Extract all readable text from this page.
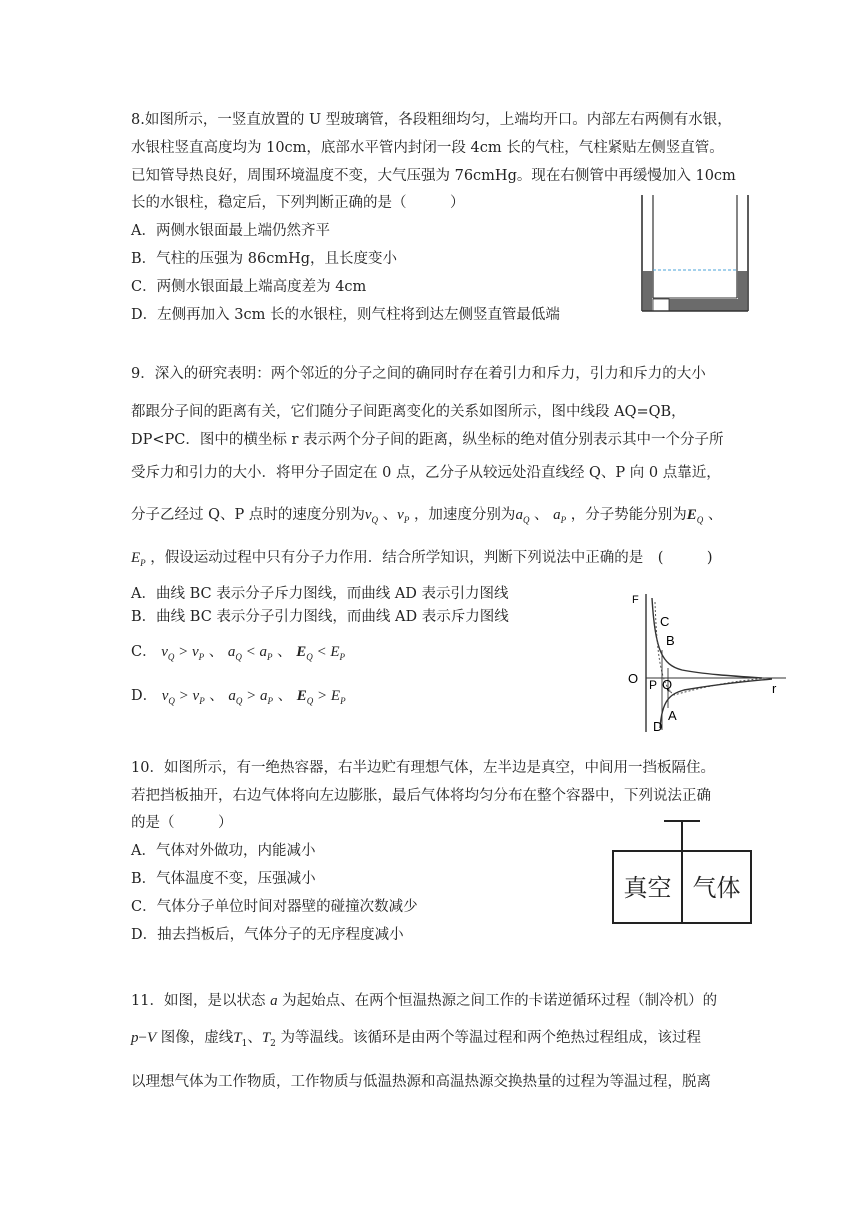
8.如图所示，一竖直放置的 U 型玻璃管，各段粗细均匀，上端均开口。内部左右两侧有水银，
水银柱竖直高度均为 10cm，底部水平管内封闭一段 4cm 长的气柱，气柱紧贴左侧竖直管。
已知管导热良好，周围环境温度不变，大气压强为 76cmHg。现在右侧管中再缓慢加入 10cm
长的水银柱，稳定后，下列判断正确的是（　　　）
A．两侧水银面最上端仍然齐平
B．气柱的压强为 86cmHg，且长度变小
C．两侧水银面最上端高度差为 4cm
D．左侧再加入 3cm 长的水银柱，则气柱将到达左侧竖直管最低端
9．深入的研究表明：两个邻近的分子之间的确同时存在着引力和斥力，引力和斥力的大小
都跟分子间的距离有关，它们随分子间距离变化的关系如图所示，图中线段 AQ=QB，
DP<PC．图中的横坐标 r 表示两个分子间的距离，纵坐标的绝对值分别表示其中一个分子所
受斥力和引力的大小．将甲分子固定在 0 点，乙分子从较远处沿直线经 Q、P 向 0 点靠近，
分子乙经过 Q、P 点时的速度分别为$v_Q$ 、$v_P$ ，加速度分别为$a_Q$ 、 $a_P$ ，分子势能分别为$E_Q$ 、
$E_P$ ，假设运动过程中只有分子力作用．结合所学知识，判断下列说法中正确的是　(　　　)
A．曲线 BC 表示分子斥力图线，而曲线 AD 表示引力图线
B．曲线 BC 表示分子引力图线，而曲线 AD 表示斥力图线
C． $v_Q > v_P$ 、 $a_Q < a_P$ 、 $E_Q < E_P$
D． $v_Q > v_P$ 、 $a_Q > a_P$ 、 $E_Q > E_P$
F
C
B
O P Q	r
D
A
10．如图所示，有一绝热容器，右半边贮有理想气体，左半边是真空，中间用一挡板隔住。
若把挡板抽开，右边气体将向左边膨胀，最后气体将均匀分布在整个容器中，下列说法正确
的是（　　　）
A．气体对外做功，内能减小
B．气体温度不变，压强减小
C．气体分子单位时间对器壁的碰撞次数减少
D．抽去挡板后，气体分子的无序程度减小
真空 气体
11．如图，是以状态 a 为起始点、在两个恒温热源之间工作的卡诺逆循环过程（制冷机）的
p−V 图像，虚线$T_1$、$T_2$ 为等温线。该循环是由两个等温过程和两个绝热过程组成，该过程
以理想气体为工作物质，工作物质与低温热源和高温热源交换热量的过程为等温过程，脱离
